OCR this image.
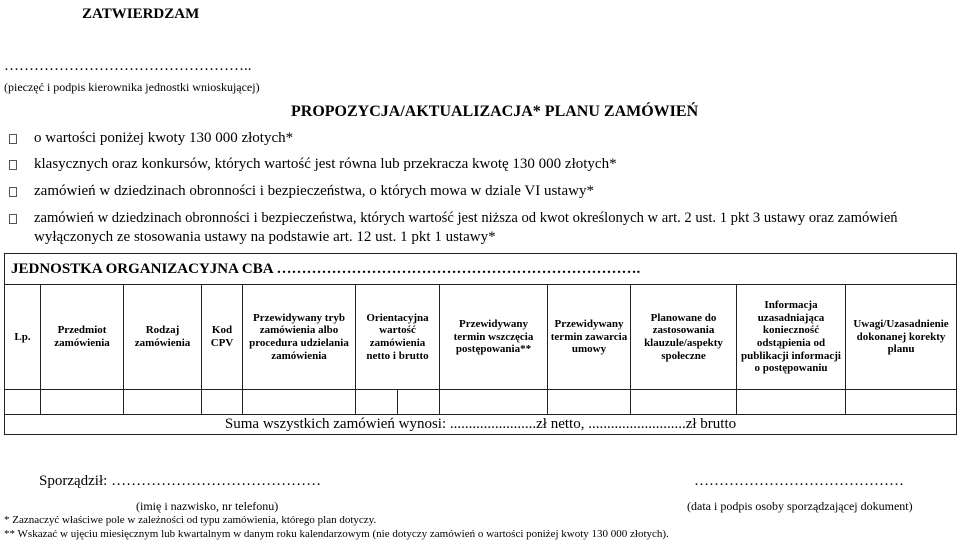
ZATWIERDZAM
…………………………………………..
(pieczęć i podpis kierownika jednostki wnioskującej)
PROPOZYCJA/AKTUALIZACJA* PLANU ZAMÓWIEŃ
o wartości poniżej kwoty 130 000 złotych*
klasycznych oraz konkursów, których wartość jest równa lub przekracza kwotę 130 000 złotych*
zamówień w dziedzinach obronności i bezpieczeństwa, o których mowa w dziale VI ustawy*
zamówień w dziedzinach obronności i bezpieczeństwa, których wartość jest niższa od kwot określonych w art. 2 ust. 1 pkt 3 ustawy oraz zamówień
wyłączonych ze stosowania ustawy na podstawie art. 12 ust. 1 pkt 1 ustawy*
JEDNOSTKA ORGANIZACYJNA CBA ……………………………………………………………….										
Lp.	Przedmiot zamówienia	Rodzaj zamówienia	Kod CPV	Przewidywany tryb zamówienia albo procedura udzielania zamówienia	Orientacyjna wartość zamówienia netto i brutto	Przewidywany termin wszczęcia postępowania**	Przewidywany termin zawarcia umowy	Planowane do zastosowania klauzule/aspekty społeczne	Informacja uzasadniająca konieczność odstąpienia od publikacji informacji o postępowaniu	Uwagi/Uzasadnienie dokonanej korekty planu

Suma wszystkich zamówień wynosi: .......................zł netto, ..........................zł brutto										
Sporządził: ……………………………………
(imię i nazwisko, nr telefonu)
……………………………………
(data i podpis osoby sporządzającej dokument)
* Zaznaczyć właściwe pole w zależności od typu zamówienia, którego plan dotyczy.
** Wskazać w ujęciu miesięcznym lub kwartalnym w danym roku kalendarzowym (nie dotyczy zamówień o wartości poniżej kwoty 130 000 złotych).
